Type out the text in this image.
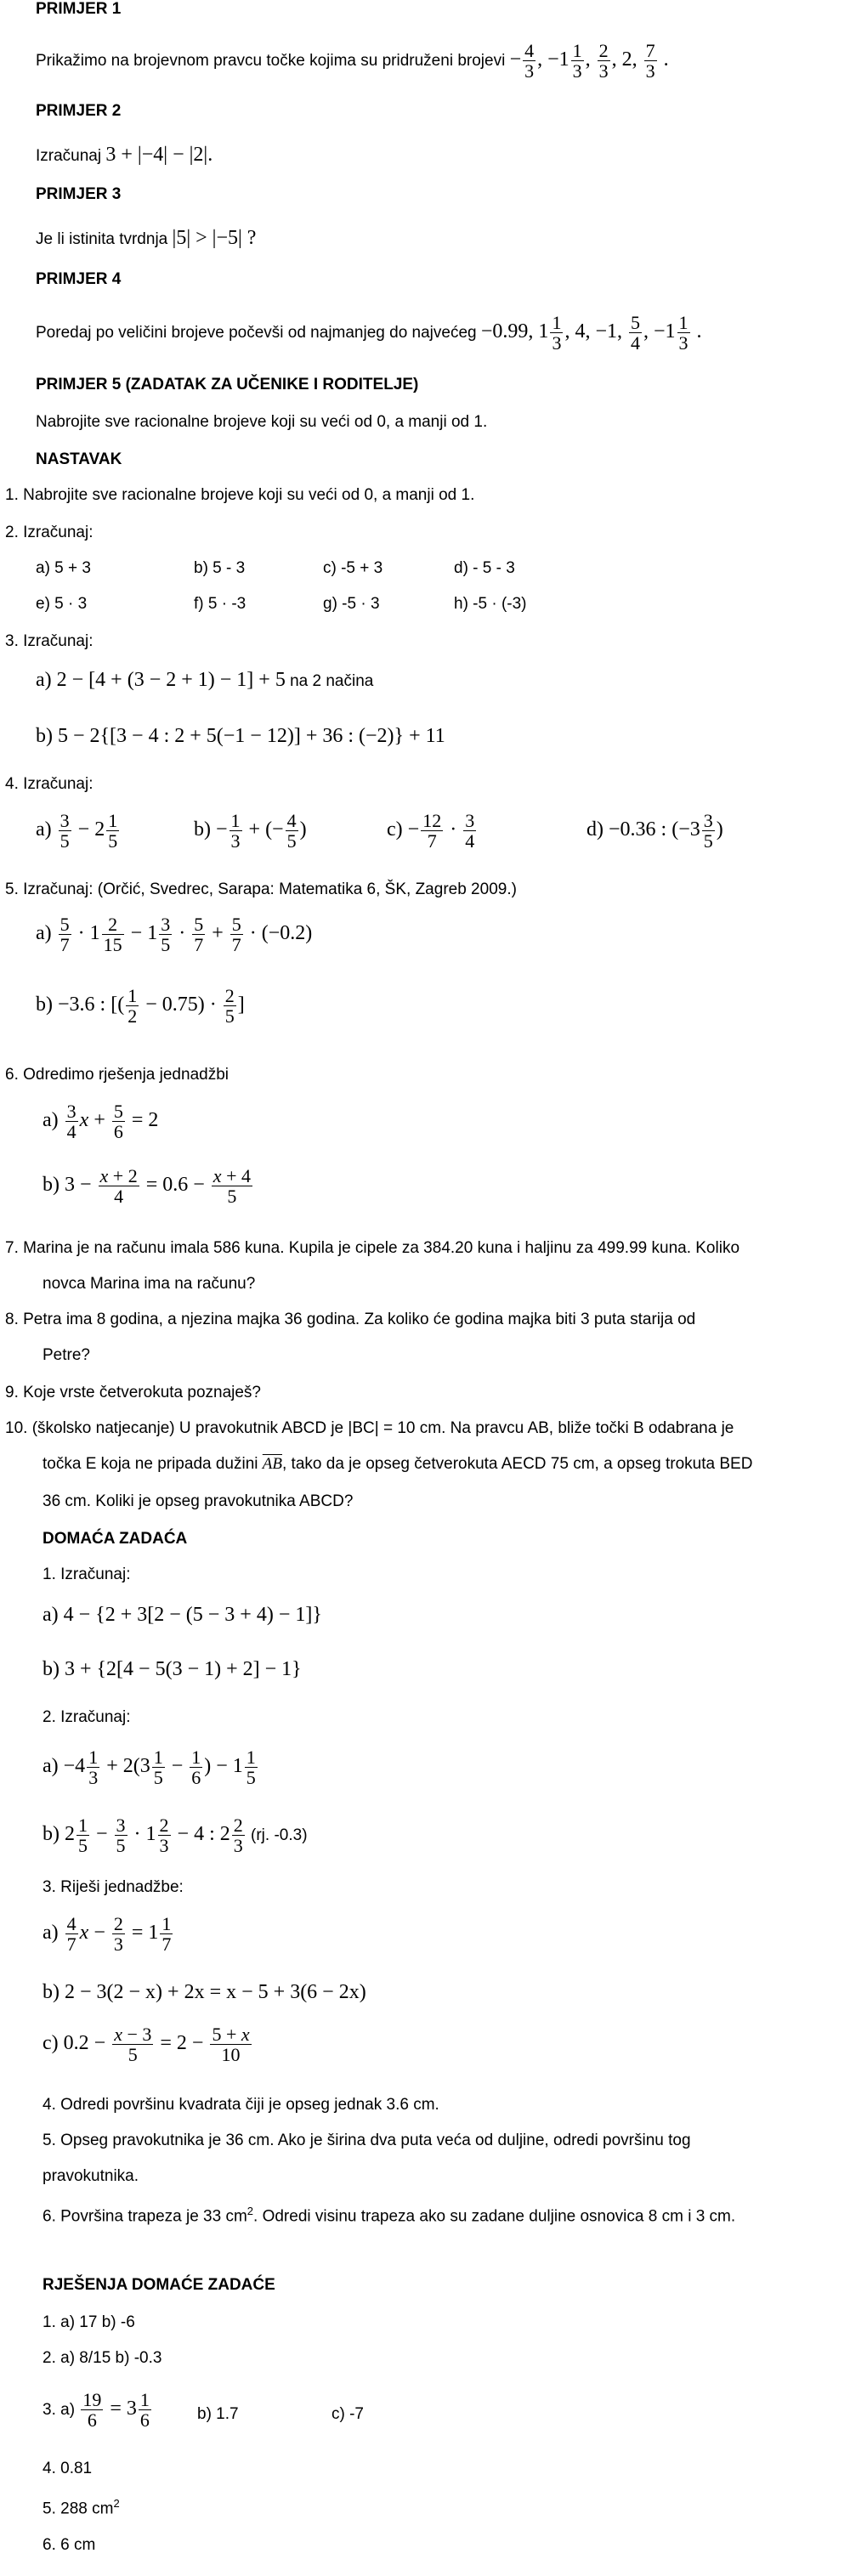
PRIMJER 1
Prikažimo na brojevnom pravcu točke kojima su pridruženi brojevi − $\frac{4}{3}$ , $-1 \frac{1}{3}$ , $\frac{2}{3}$ , 2, $\frac{7}{3}$ .
PRIMJER 2
Izračunaj 3 + |−4| − |2|.
PRIMJER 3
Je li istinita tvrdnja |5| > |−5| ?
PRIMJER 4
Poredaj po veličini brojeve počevši od najmanjeg do najvećeg −0.99, $1 \frac{1}{3}$ , 4, −1, $\frac{5}{4}$ , $-1 \frac{1}{3}$ .
PRIMJER 5 (ZADATAK ZA UČENIKE I RODITELJE)
Nabrojite sve racionalne brojeve koji su veći od 0, a manji od 1.
NASTAVAK
1. Nabrojite sve racionalne brojeve koji su veći od 0, a manji od 1.
2. Izračunaj:
a) 5 + 3	b) 5 - 3	c) -5 + 3	d) - 5 - 3
e) 5 · 3	f) 5 · -3	g) -5 · 3	h) -5 · (-3)
3. Izračunaj:
a) 2 − [4 + (3 − 2 + 1) − 1] + 5 na 2 načina
b) 5 − 2{[3 − 4 : 2 + 5(−1 − 12)] + 36 : (−2)} + 11
4. Izračunaj:
$a) \frac{3}{5} - 2 \frac{1}{5}$	$b) - \frac{1}{3}$ + (− $\frac{4}{5}$ )	$c) - \frac{12}{7} \cdot \frac{3}{4}$	d) −0.36 : ($-3 \frac{3}{5}$ )
5. Izračunaj: (Orčić, Svedrec, Sarapa: Matematika 6, ŠK, Zagreb 2009.)
$a) \frac{5}{7} \cdot 1 \frac{2}{15} - 1 \frac{3}{5} \cdot \frac{5}{7} + \frac{5}{7} \cdot (-0.2)$
b) −3.6 : [( $\frac{1}{2} - 0.75) \cdot \frac{2}{5}$ ]
6. Odredimo rješenja jednadžbi
$a) \frac{3}{4}$ $x + \frac{5}{6} = 2$
b) $3 - \frac{x + 2}{4} = 0.6 - \frac{x + 4}{5}$
7. Marina je na računu imala 586 kuna. Kupila je cipele za 384.20 kuna i haljinu za 499.99 kuna. Koliko
novca Marina ima na računu?
8. Petra ima 8 godina, a njezina majka 36 godina. Za koliko će godina majka biti 3 puta starija od
Petre?
9. Koje vrste četverokuta poznaješ?
10. (školsko natjecanje) U pravokutnik ABCD je |BC| = 10 cm. Na pravcu AB, bliže točki B odabrana je
točka E koja ne pripada dužini $\overline{AB}$, tako da je opseg četverokuta AECD 75 cm, a opseg trokuta BED
36 cm. Koliki je opseg pravokutnika ABCD?
DOMAĆA ZADAĆA
1. Izračunaj:
a) 4 − {2 + 3[2 − (5 − 3 + 4) − 1]}
b) 3 + {2[4 − 5(3 − 1) + 2] − 1}
2. Izračunaj:
$a) -4 \frac{1}{3} + 2(3 \frac{1}{5} - \frac{1}{6}$ ) − $1 \frac{1}{5}$
b) $2 \frac{1}{5} - \frac{3}{5} \cdot 1 \frac{2}{3} - 4$ : $2 \frac{2}{3} (rj$. -0.3)
3. Riješi jednadžbe:
$a) \frac{4}{7}$ $x - \frac{2}{3} = 1 \frac{1}{7}$
b) 2 − 3(2 − x) + 2x = x − 5 + 3(6 − 2x)
c) $0.2 - \frac{x - 3}{5} = 2 - \frac{5 + x}{10}$
4. Odredi površinu kvadrata čiji je opseg jednak 3.6 cm.
5. Opseg pravokutnika je 36 cm. Ako je širina dva puta veća od duljine, odredi površinu tog
pravokutnika.
6. Površina trapeza je 33 $cm^2$. Odredi visinu trapeza ako su zadane duljine osnovica 8 cm i 3 cm.
RJEŠENJA DOMAĆE ZADAĆE
1. a) 17 b) -6
2. a) 8/15 b) -0.3
3. $a) \frac{19}{6} = 3 \frac{1}{6}$	b) 1.7	c) -7
4. 0.81
5. 288 $cm^2$
6. 6 cm
